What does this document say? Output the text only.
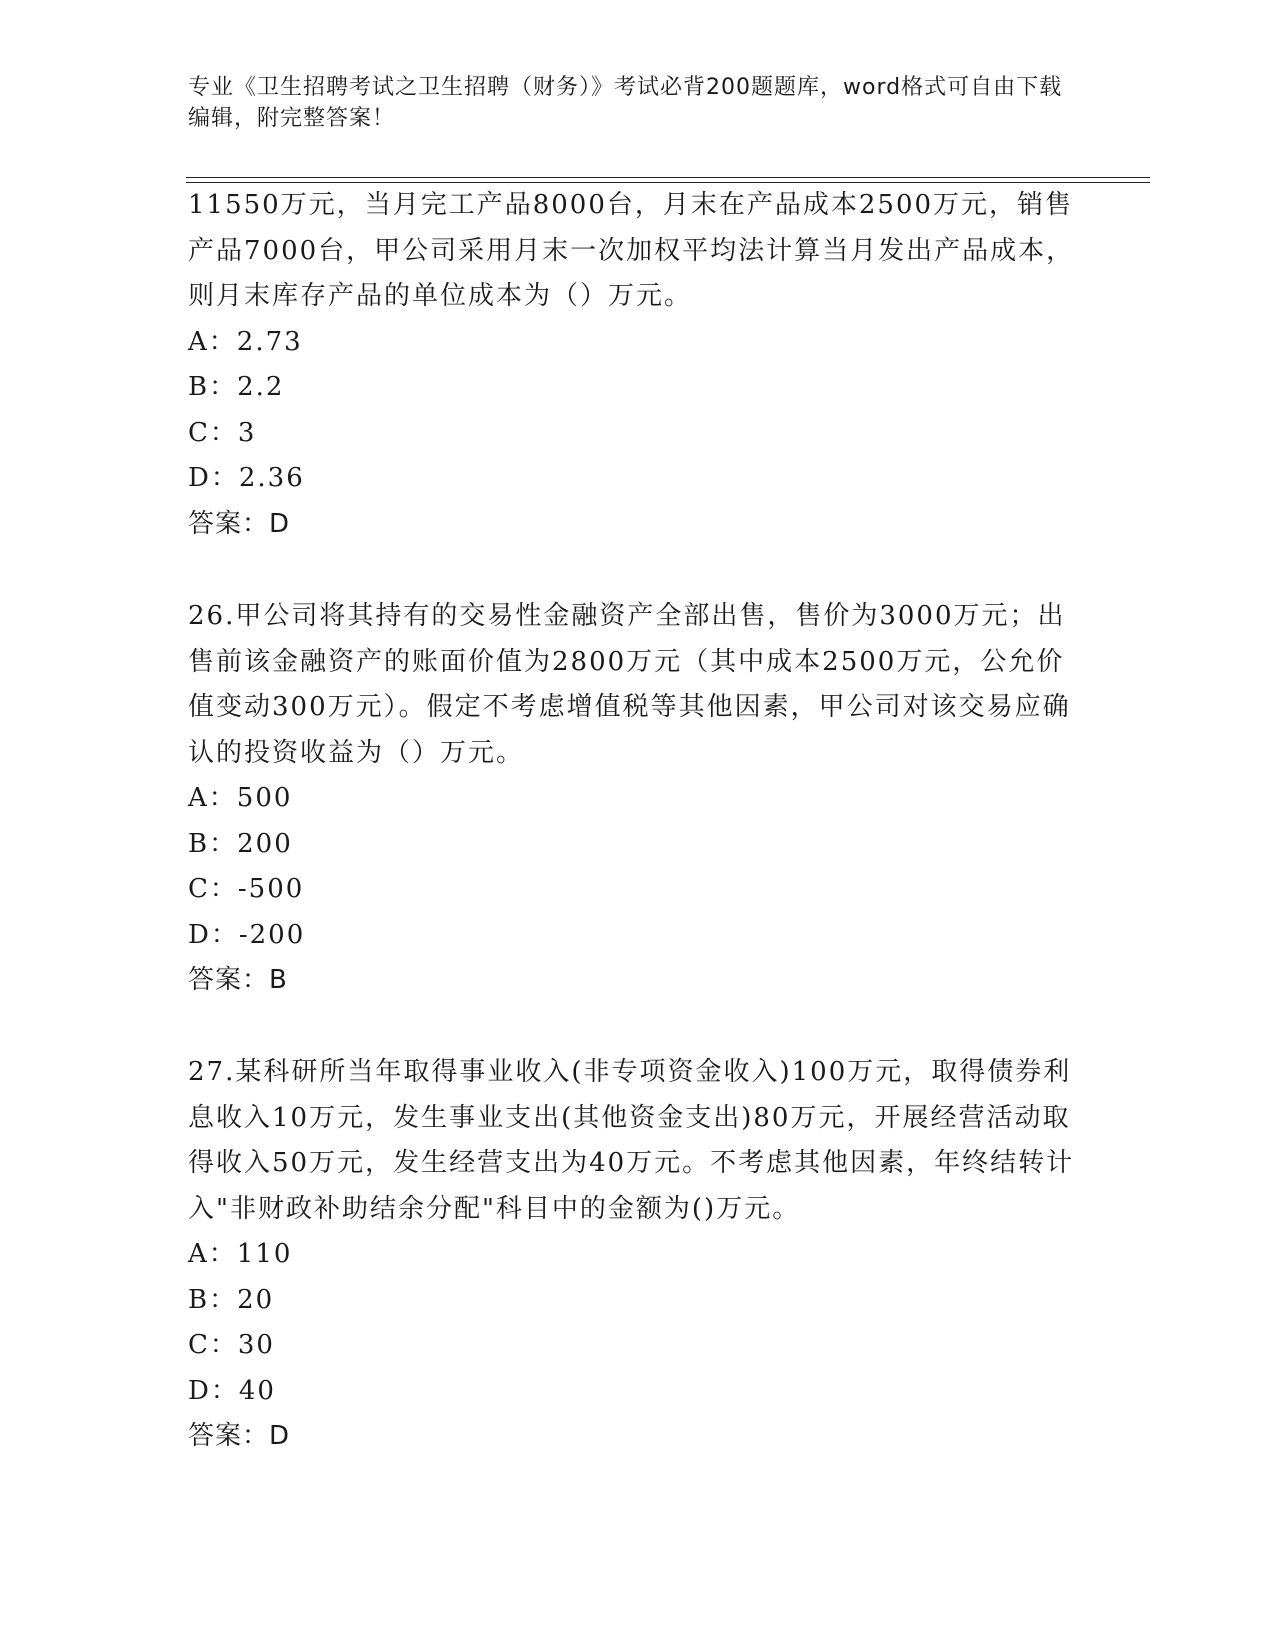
专业《卫生招聘考试之卫生招聘（财务）》考试必背200题题库，word格式可自由下载编辑，附完整答案！

11550万元，当月完工产品8000台，月末在产品成本2500万元，销售产品7000台，甲公司采用月末一次加权平均法计算当月发出产品成本，则月末库存产品的单位成本为（）万元。

A：2.73

B：2.2

C：3

D：2.36

答案：D

26.甲公司将其持有的交易性金融资产全部出售，售价为3000万元；出售前该金融资产的账面价值为2800万元（其中成本2500万元，公允价值变动300万元）。假定不考虑增值税等其他因素，甲公司对该交易应确认的投资收益为（）万元。

A：500

B：200

C：-500

D：-200

答案：B

27.某科研所当年取得事业收入(非专项资金收入)100万元，取得债券利息收入10万元，发生事业支出(其他资金支出)80万元，开展经营活动取得收入50万元，发生经营支出为40万元。不考虑其他因素，年终结转计入"非财政补助结余分配"科目中的金额为()万元。

A：110

B：20

C：30

D：40

答案：D
